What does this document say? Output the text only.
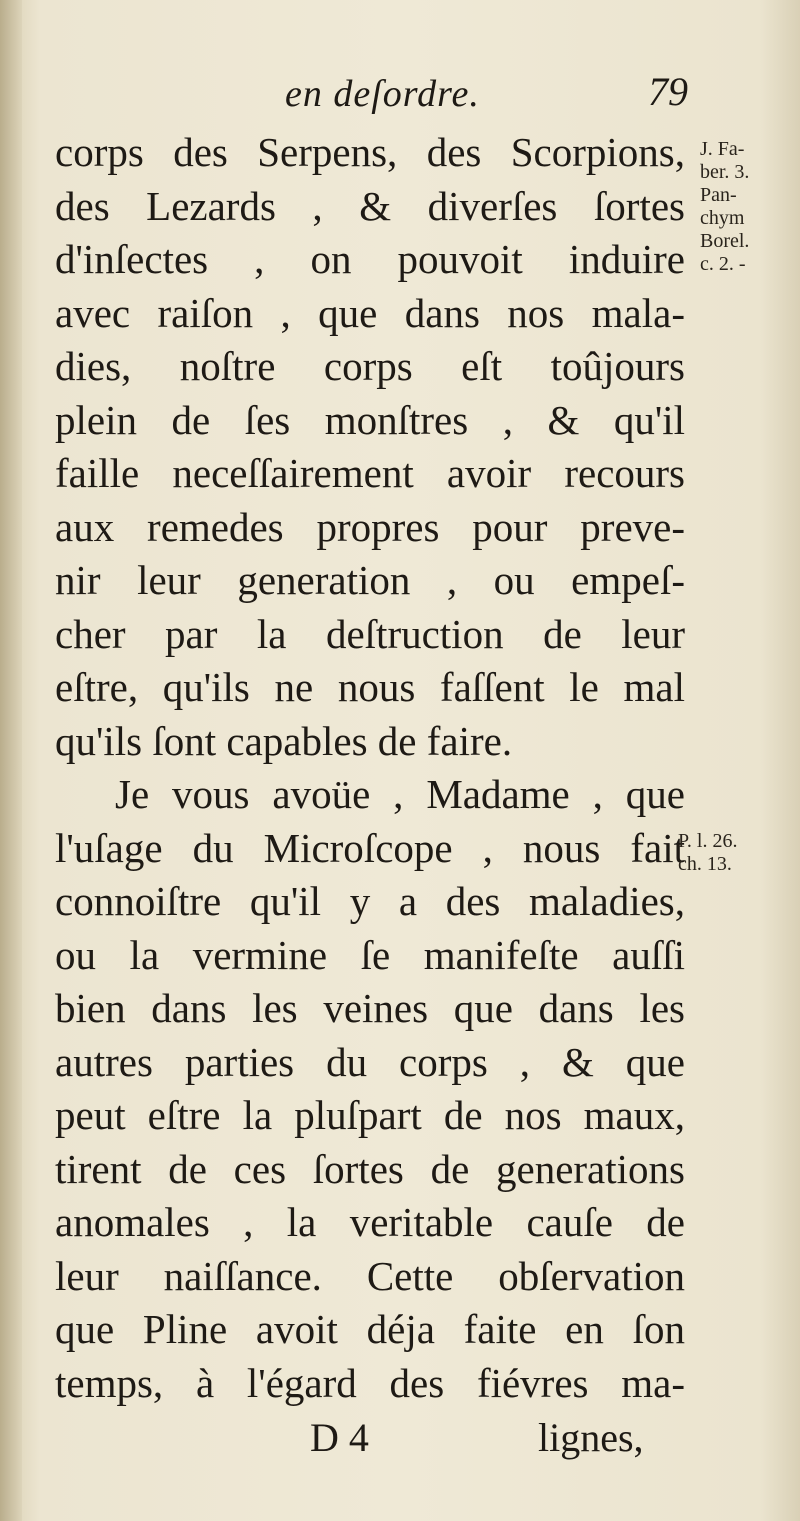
en deſordre.	79
corps des Serpens, des Scorpions,
des Lezards , & diverſes ſortes
d'inſectes , on pouvoit induire
avec raiſon , que dans nos mala-
dies, noſtre corps eſt toûjours
plein de ſes monſtres , & qu'il
faille neceſſairement avoir recours
aux remedes propres pour preve-
nir leur generation , ou empeſ-
cher par la deſtruction de leur
eſtre, qu'ils ne nous faſſent le mal
qu'ils ſont capables de faire.
Je vous avoüe , Madame , que
l'uſage du Microſcope , nous fait
connoiſtre qu'il y a des maladies,
ou la vermine ſe manifeſte auſſi
bien dans les veines que dans les
autres parties du corps , & que
peut eſtre la pluſpart de nos maux,
tirent de ces ſortes de generations
anomales , la veritable cauſe de
leur naiſſance. Cette obſervation
que Pline avoit déja faite en ſon
temps, à l'égard des fiévres ma-
J. Fa-
ber. 3.
Pan-
chym
Borel.
c. 2. -
P. l. 26.
ch. 13.
D 4	lignes,
